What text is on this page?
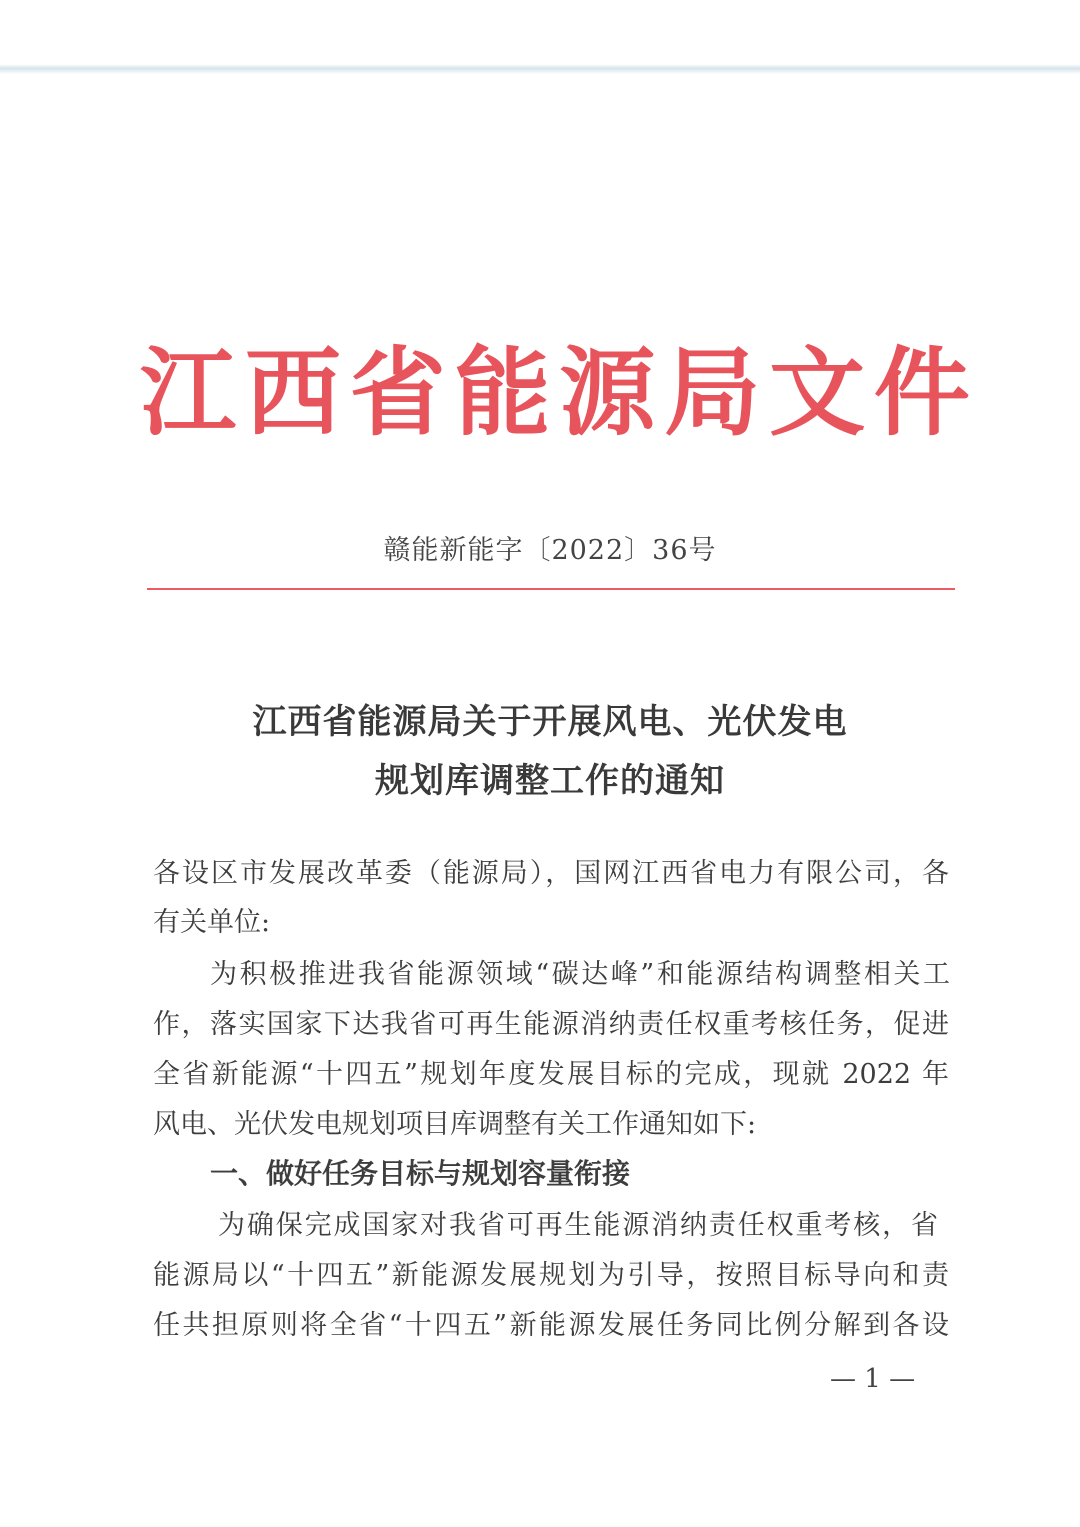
江 西 省 能 源 局 文 件
赣能新能字〔2022〕36号
江西省能源局关于开展风电、光伏发电
规划库调整工作的通知
各设区市发展改革委（能源局），国网江西省电力有限公司，各
有关单位:
为积极推进我省能源领域“碳达峰”和能源结构调整相关工
作，落实国家下达我省可再生能源消纳责任权重考核任务，促进
全省新能源“十四五”规划年度发展目标的完成，现就 2022 年
风电、光伏发电规划项目库调整有关工作通知如下:
一、做好任务目标与规划容量衔接
为确保完成国家对我省可再生能源消纳责任权重考核，省
能源局以“十四五”新能源发展规划为引导，按照目标导向和责
任共担原则将全省“十四五”新能源发展任务同比例分解到各设
— 1 —
